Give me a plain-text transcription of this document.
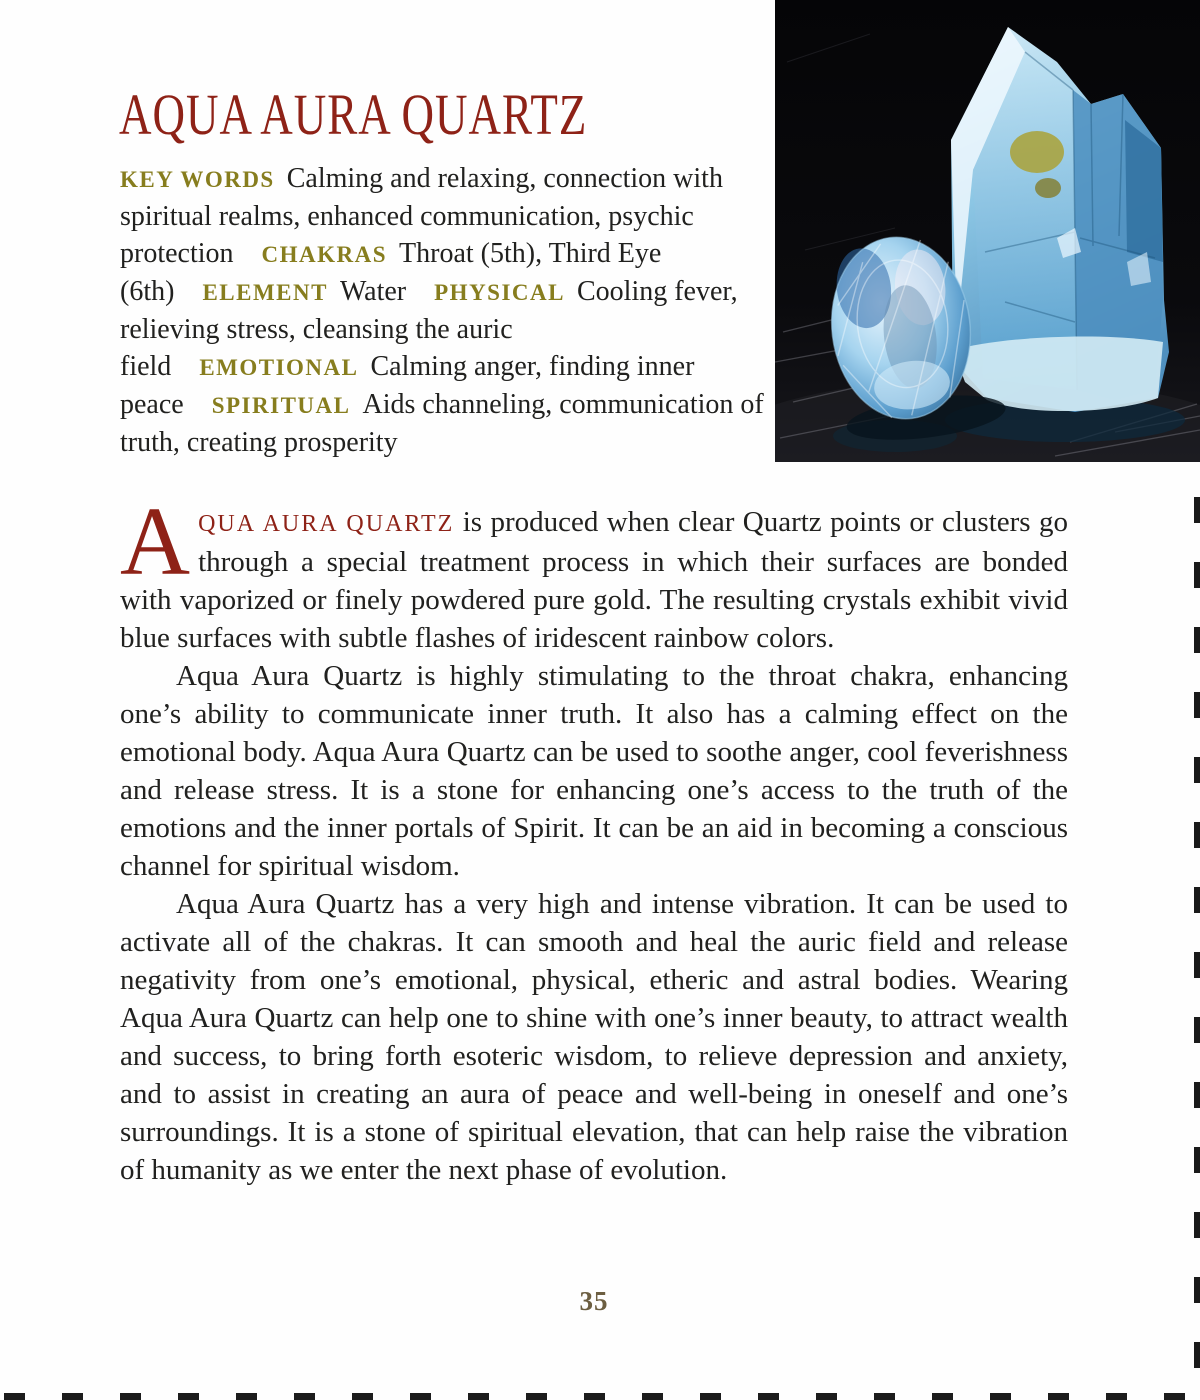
AQUA AURA QUARTZ

KEY WORDS Calming and relaxing, connection with spiritual realms, enhanced communication, psychic protection CHAKRAS Throat (5th), Third Eye (6th) ELEMENT Water PHYSICAL Cooling fever, relieving stress, cleansing the auric field EMOTIONAL Calming anger, finding inner peace SPIRITUAL Aids channeling, communication of truth, creating prosperity

AQUA AURA QUARTZ is produced when clear Quartz points or clusters go through a special treatment process in which their surfaces are bonded with vaporized or finely powdered pure gold. The resulting crystals exhibit vivid blue surfaces with subtle flashes of iridescent rainbow colors.

Aqua Aura Quartz is highly stimulating to the throat chakra, enhancing one’s ability to communicate inner truth. It also has a calming effect on the emotional body. Aqua Aura Quartz can be used to soothe anger, cool feverishness and release stress. It is a stone for enhancing one’s access to the truth of the emotions and the inner portals of Spirit. It can be an aid in becoming a conscious channel for spiritual wisdom.

Aqua Aura Quartz has a very high and intense vibration. It can be used to activate all of the chakras. It can smooth and heal the auric field and release negativity from one’s emotional, physical, etheric and astral bodies. Wearing Aqua Aura Quartz can help one to shine with one’s inner beauty, to attract wealth and success, to bring forth esoteric wisdom, to relieve depression and anxiety, and to assist in creating an aura of peace and well-being in oneself and one’s surroundings. It is a stone of spiritual elevation, that can help raise the vibration of humanity as we enter the next phase of evolution.

35
